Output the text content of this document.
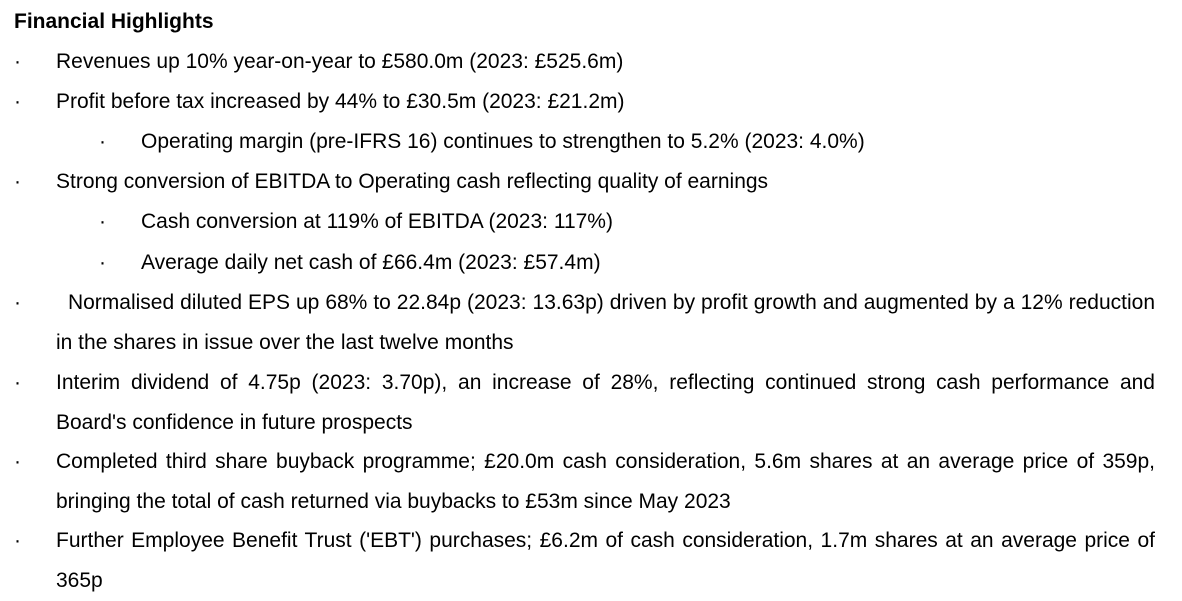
Financial Highlights
· Revenues up 10% year-on-year to £580.0m (2023: £525.6m)
· Profit before tax increased by 44% to £30.5m (2023: £21.2m)
· Operating margin (pre-IFRS 16) continues to strengthen to 5.2% (2023: 4.0%)
· Strong conversion of EBITDA to Operating cash reflecting quality of earnings
· Cash conversion at 119% of EBITDA (2023: 117%)
· Average daily net cash of £66.4m (2023: £57.4m)
· Normalised diluted EPS up 68% to 22.84p (2023: 13.63p) driven by profit growth and augmented by a 12% reduction in the shares in issue over the last twelve months
· Interim dividend of 4.75p (2023: 3.70p), an increase of 28%, reflecting continued strong cash performance and Board's confidence in future prospects
· Completed third share buyback programme; £20.0m cash consideration, 5.6m shares at an average price of 359p, bringing the total of cash returned via buybacks to £53m since May 2023
· Further Employee Benefit Trust ('EBT') purchases; £6.2m of cash consideration, 1.7m shares at an average price of 365p
